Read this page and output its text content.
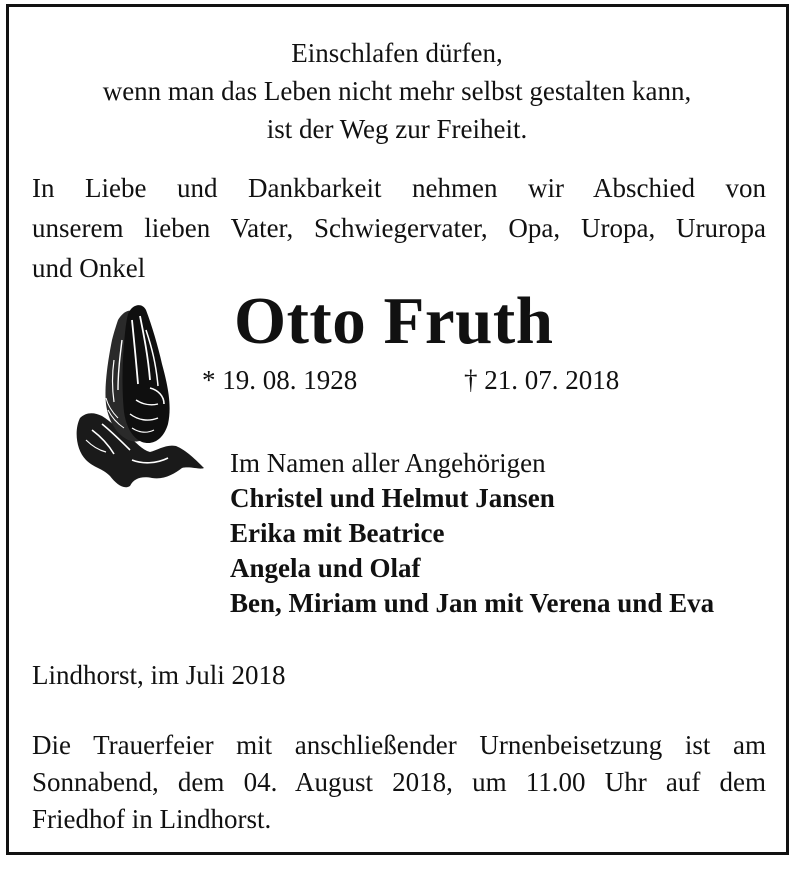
Einschlafen dürfen,
wenn man das Leben nicht mehr selbst gestalten kann,
ist der Weg zur Freiheit.
In Liebe und Dankbarkeit nehmen wir Abschied von
unserem lieben Vater, Schwiegervater, Opa, Uropa, Ururopa
und Onkel
Otto Fruth
* 19. 08. 1928	† 21. 07. 2018
Im Namen aller Angehörigen
Christel und Helmut Jansen
Erika mit Beatrice
Angela und Olaf
Ben, Miriam und Jan mit Verena und Eva
Lindhorst, im Juli 2018
Die Trauerfeier mit anschließender Urnenbeisetzung ist am
Sonnabend, dem 04. August 2018, um 11.00 Uhr auf dem
Friedhof in Lindhorst.
